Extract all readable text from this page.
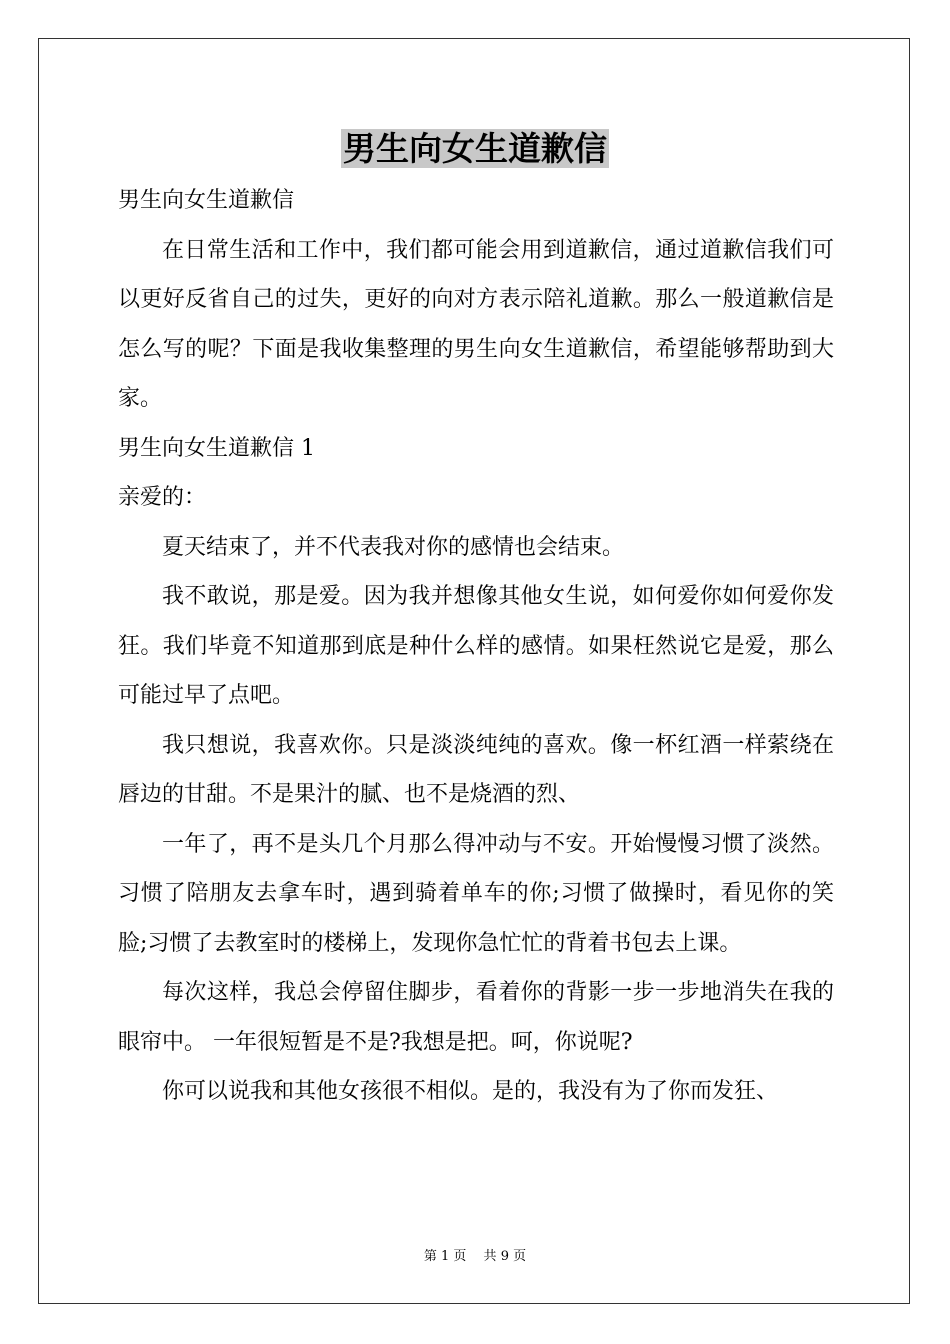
男生向女生道歉信

男生向女生道歉信

在日常生活和工作中，我们都可能会用到道歉信，通过道歉信我们可以更好反省自己的过失，更好的向对方表示陪礼道歉。那么一般道歉信是怎么写的呢？下面是我收集整理的男生向女生道歉信，希望能够帮助到大家。

男生向女生道歉信 1

亲爱的：

夏天结束了，并不代表我对你的感情也会结束。

我不敢说，那是爱。因为我并想像其他女生说，如何爱你如何爱你发狂。我们毕竟不知道那到底是种什么样的感情。如果枉然说它是爱，那么可能过早了点吧。

我只想说，我喜欢你。只是淡淡纯纯的喜欢。像一杯红酒一样萦绕在唇边的甘甜。不是果汁的腻、也不是烧酒的烈、

一年了，再不是头几个月那么得冲动与不安。开始慢慢习惯了淡然。习惯了陪朋友去拿车时，遇到骑着单车的你;习惯了做操时，看见你的笑脸;习惯了去教室时的楼梯上，发现你急忙忙的背着书包去上课。

每次这样，我总会停留住脚步，看着你的背影一步一步地消失在我的眼帘中。 一年很短暂是不是?我想是把。呵，你说呢?

你可以说我和其他女孩很不相似。是的，我没有为了你而发狂、

第 1 页　 共 9 页
